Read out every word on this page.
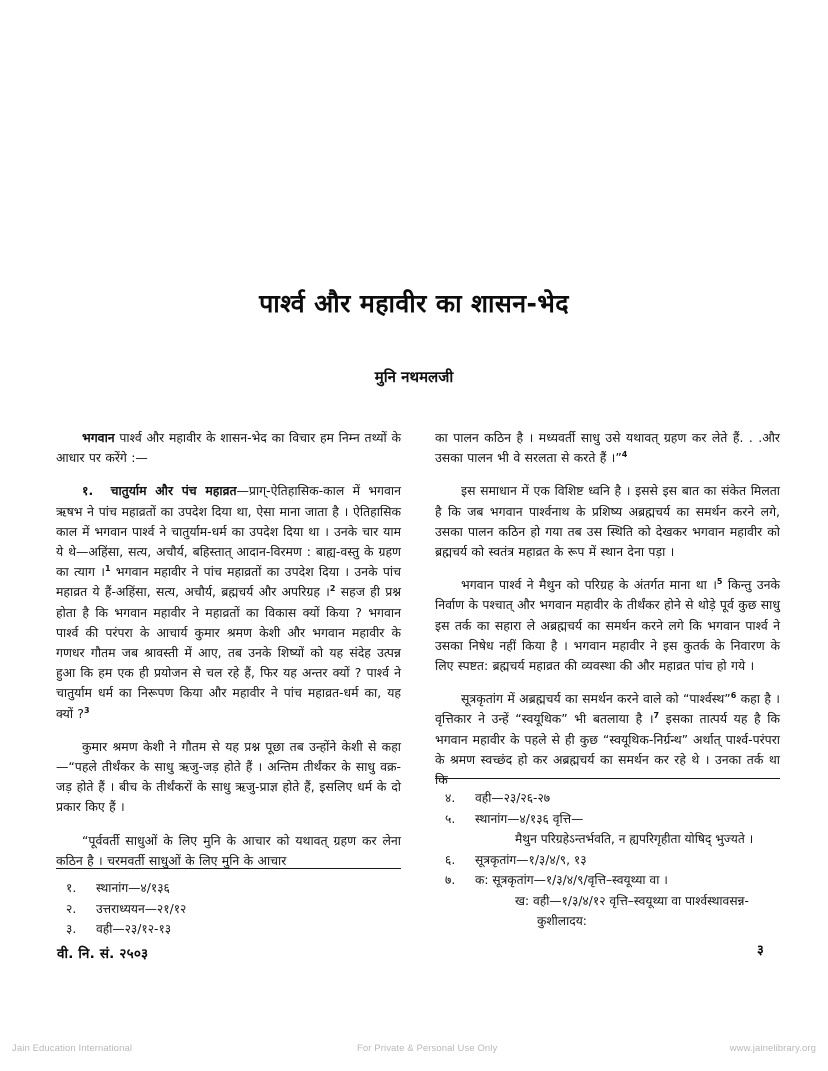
पार्श्व और महावीर का शासन-भेद

मुनि नथमलजी

भगवान पार्श्व और महावीर के शासन-भेद का विचार हम निम्न तथ्यों के आधार पर करेंगे :—

१. चातुर्याम और पंच महाव्रत—प्राग्-ऐतिहासिक-काल में भगवान ऋषभ ने पांच महाव्रतों का उपदेश दिया था, ऐसा माना जाता है । ऐतिहासिक काल में भगवान पार्श्व ने चातुर्याम-धर्म का उपदेश दिया था । उनके चार याम ये थे—अहिंसा, सत्य, अचौर्य, बहिस्तात् आदान-विरमण : बाह्य-वस्तु के ग्रहण का त्याग ।$^1$ भगवान महावीर ने पांच महाव्रतों का उपदेश दिया । उनके पांच महाव्रत ये हैं-अहिंसा, सत्य, अचौर्य, ब्रह्मचर्य और अपरिग्रह ।$^2$ सहज ही प्रश्न होता है कि भगवान महावीर ने महाव्रतों का विकास क्यों किया ? भगवान पार्श्व की परंपरा के आचार्य कुमार श्रमण केशी और भगवान महावीर के गणधर गौतम जब श्रावस्ती में आए, तब उनके शिष्यों को यह संदेह उत्पन्न हुआ कि हम एक ही प्रयोजन से चल रहे हैं, फिर यह अन्तर क्यों ? पार्श्व ने चातुर्याम धर्म का निरूपण किया और महावीर ने पांच महाव्रत-धर्म का, यह क्यों ?$^3$

कुमार श्रमण केशी ने गौतम से यह प्रश्न पूछा तब उन्होंने केशी से कहा—“पहले तीर्थंकर के साधु ऋजु-जड़ होते हैं । अन्तिम तीर्थंकर के साधु वक्र-जड़ होते हैं । बीच के तीर्थंकरों के साधु ऋजु-प्राज्ञ होते हैं, इसलिए धर्म के दो प्रकार किए हैं ।

“पूर्ववर्ती साधुओं के लिए मुनि के आचार को यथावत् ग्रहण कर लेना कठिन है । चरमवर्ती साधुओं के लिए मुनि के आचार

का पालन कठिन है । मध्यवर्ती साधु उसे यथावत् ग्रहण कर लेते हैं. . .और उसका पालन भी वे सरलता से करते हैं ।”$^4$

इस समाधान में एक विशिष्ट ध्वनि है । इससे इस बात का संकेत मिलता है कि जब भगवान पार्श्वनाथ के प्रशिष्य अब्रह्मचर्य का समर्थन करने लगे, उसका पालन कठिन हो गया तब उस स्थिति को देखकर भगवान महावीर को ब्रह्मचर्य को स्वतंत्र महाव्रत के रूप में स्थान देना पड़ा ।

भगवान पार्श्व ने मैथुन को परिग्रह के अंतर्गत माना था ।$^5$ किन्तु उनके निर्वाण के पश्चात् और भगवान महावीर के तीर्थंकर होने से थोड़े पूर्व कुछ साधु इस तर्क का सहारा ले अब्रह्मचर्य का समर्थन करने लगे कि भगवान पार्श्व ने उसका निषेध नहीं किया है । भगवान महावीर ने इस कुतर्क के निवारण के लिए स्पष्टत: ब्रह्मचर्य महाव्रत की व्यवस्था की और महाव्रत पांच हो गये ।

सूत्रकृतांग में अब्रह्मचर्य का समर्थन करने वाले को “पार्श्वस्थ”$^6$ कहा है । वृत्तिकार ने उन्हें “स्वयूथिक” भी बतलाया है ।$^7$ इसका तात्पर्य यह है कि भगवान महावीर के पहले से ही कुछ “स्वयूथिक-निर्ग्रन्थ” अर्थात् पार्श्व-परंपरा के श्रमण स्वच्छंद हो कर अब्रह्मचर्य का समर्थन कर रहे थे । उनका तर्क था कि

१.	स्थानांग—४/१३६
२.	उत्तराध्ययन—२१/१२
३.	वही—२३/१२-१३
४.	वही—२३/२६-२७
५.	स्थानांग—४/१३६ वृत्ति—
मैथुन परिग्रहेऽन्तर्भवति, न ह्यपरिगृहीता योषिद् भुज्यते ।
६.	सूत्रकृतांग—१/३/४/९, १३
७.	क: सूत्रकृतांग—१/३/४/९/वृत्ति–स्वयूथ्या वा ।
ख: वही—१/३/४/१२ वृत्ति–स्वयूथ्या वा पार्श्वस्थावसन्न-
कुशीलादय:
वी. नि. सं. २५०३	३
Jain Education International	For Private & Personal Use Only	www.jainelibrary.org
